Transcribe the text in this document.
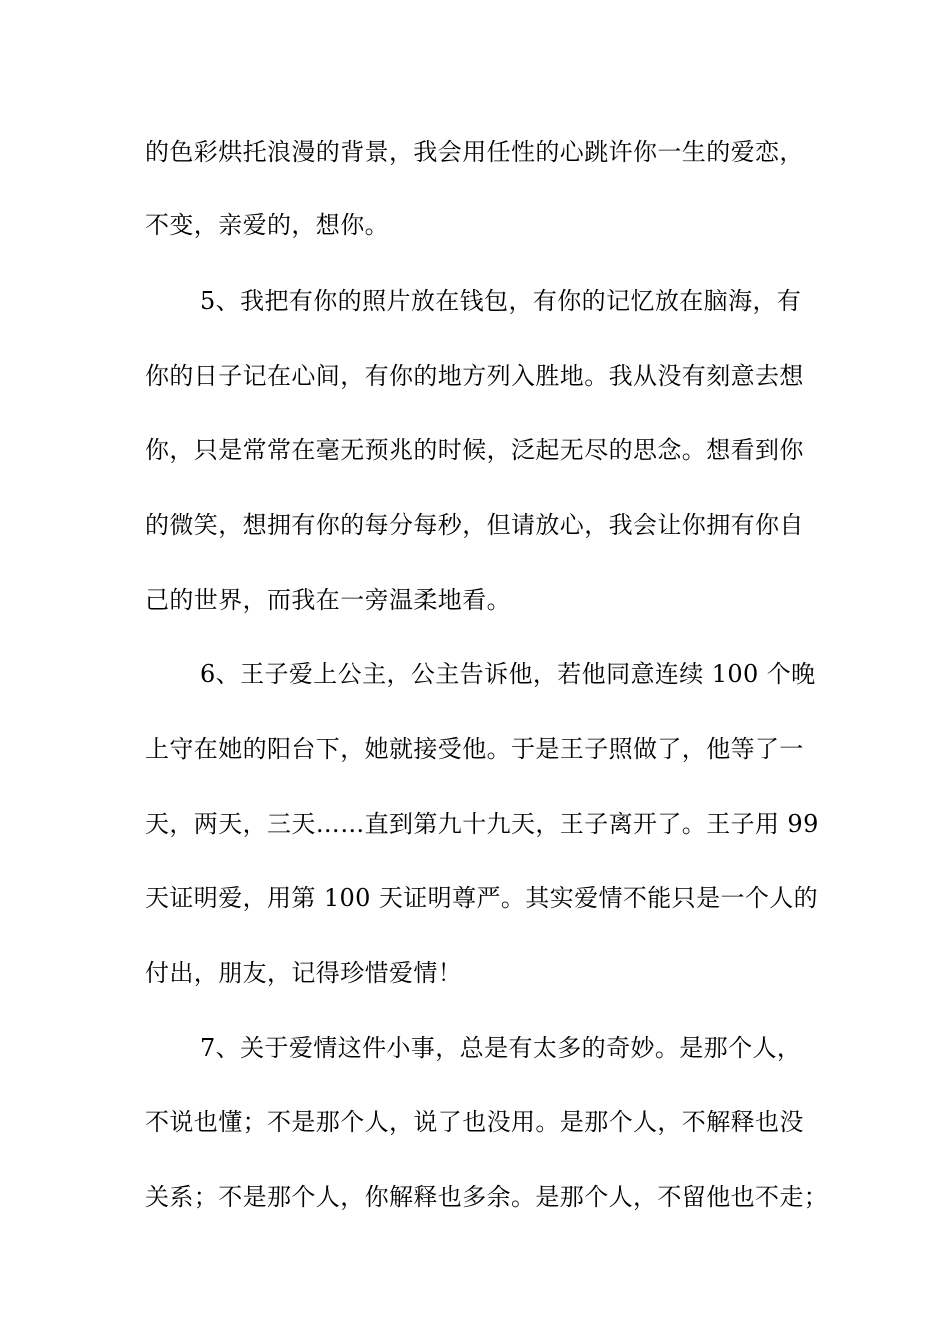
的色彩烘托浪漫的背景，我会用任性的心跳许你一生的爱恋，
不变，亲爱的，想你。
5、我把有你的照片放在钱包，有你的记忆放在脑海，有
你的日子记在心间，有你的地方列入胜地。我从没有刻意去想
你，只是常常在毫无预兆的时候，泛起无尽的思念。想看到你
的微笑，想拥有你的每分每秒，但请放心，我会让你拥有你自
己的世界，而我在一旁温柔地看。
6、王子爱上公主，公主告诉他，若他同意连续 100 个晚
上守在她的阳台下，她就接受他。于是王子照做了，他等了一
天，两天，三天……直到第九十九天，王子离开了。王子用 99
天证明爱，用第 100 天证明尊严。其实爱情不能只是一个人的
付出，朋友，记得珍惜爱情！
7、关于爱情这件小事，总是有太多的奇妙。是那个人，
不说也懂；不是那个人，说了也没用。是那个人，不解释也没
关系；不是那个人，你解释也多余。是那个人，不留他也不走；
